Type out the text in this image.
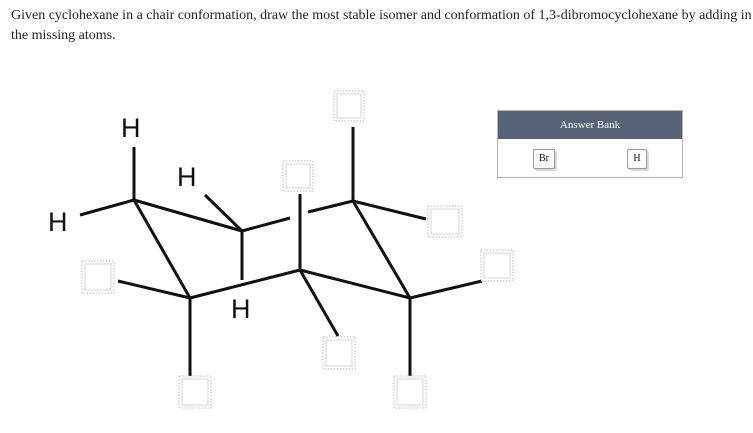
Given cyclohexane in a chair conformation, draw the most stable isomer and conformation of 1,3-dibromocyclohexane by adding in the missing atoms.
H
H
H
H
Answer Bank
Br	H
